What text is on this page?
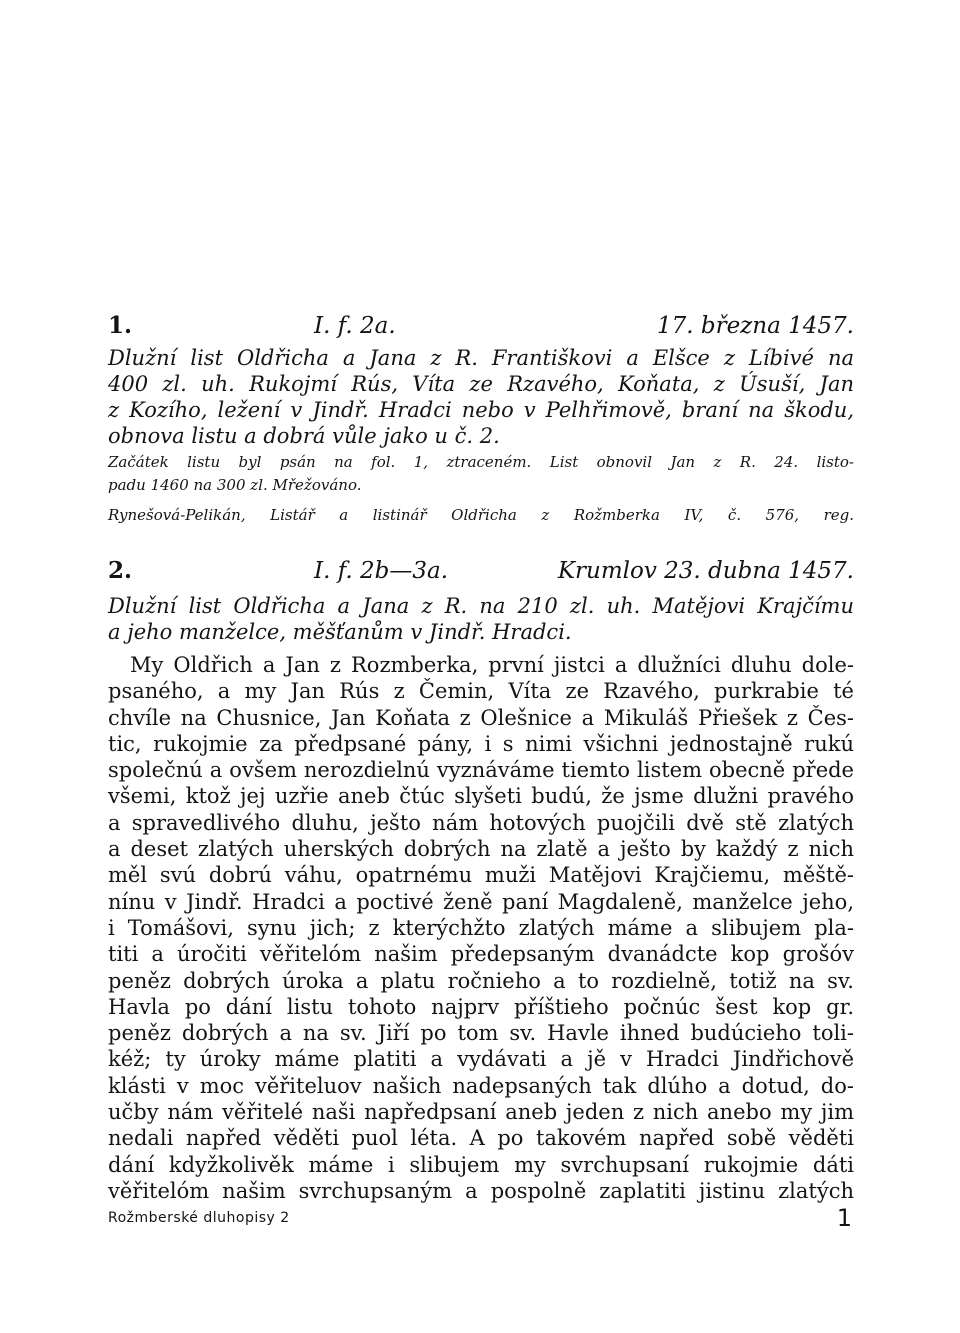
1.	I. f. 2a.	17. března 1457.
Dlužní list Oldřicha a Jana z R. Františkovi a Elšce z Líbivé na
400 zl. uh. Rukojmí Rús, Víta ze Rzavého, Koňata, z Úsuší, Jan
z Kozího, ležení v Jindř. Hradci nebo v Pelhřimově, braní na škodu,
obnova listu a dobrá vůle jako u č. 2.
Začátek listu byl psán na fol. 1, ztraceném. List obnovil Jan z R. 24. listo-
padu 1460 na 300 zl. Mřežováno.
Rynešová-Pelikán, Listář a listinář Oldřicha z Rožmberka IV, č. 576, reg.
2.	I. f. 2b—3a.	Krumlov 23. dubna 1457.
Dlužní list Oldřicha a Jana z R. na 210 zl. uh. Matějovi Krajčímu
a jeho manželce, měšťanům v Jindř. Hradci.
My Oldřich a Jan z Rozmberka, první jistci a dlužníci dluhu dole-
psaného, a my Jan Rús z Čemin, Víta ze Rzavého, purkrabie té
chvíle na Chusnice, Jan Koňata z Olešnice a Mikuláš Přiešek z Čes-
tic, rukojmie za předpsané pány, i s nimi všichni jednostajně rukú
společnú a ovšem nerozdielnú vyznáváme tiemto listem obecně přede
všemi, ktož jej uzřie aneb čtúc slyšeti budú, že jsme dlužni pravého
a spravedlivého dluhu, ješto nám hotových puojčili dvě stě zlatých
a deset zlatých uherských dobrých na zlatě a ješto by každý z nich
měl svú dobrú váhu, opatrnému muži Matějovi Krajčiemu, měště-
nínu v Jindř. Hradci a poctivé ženě paní Magdaleně, manželce jeho,
i Tomášovi, synu jich; z kterýchžto zlatých máme a slibujem pla-
titi a úročiti věřitelóm našim předepsaným dvanádcte kop grošóv
peněz dobrých úroka a platu ročnieho a to rozdielně, totiž na sv.
Havla po dání listu tohoto najprv příštieho počnúc šest kop gr.
peněz dobrých a na sv. Jiří po tom sv. Havle ihned budúcieho toli-
kéž; ty úroky máme platiti a vydávati a jě v Hradci Jindřichově
klásti v moc věřiteluov našich nadepsaných tak dlúho a dotud, do-
učby nám věřitelé naši napředpsaní aneb jeden z nich anebo my jim
nedali napřed věděti puol léta. A po takovém napřed sobě věděti
dání kdyžkolivěk máme i slibujem my svrchupsaní rukojmie dáti
věřitelóm našim svrchupsaným a pospolně zaplatiti jistinu zlatých
Rožmberské dluhopisy 2	1
